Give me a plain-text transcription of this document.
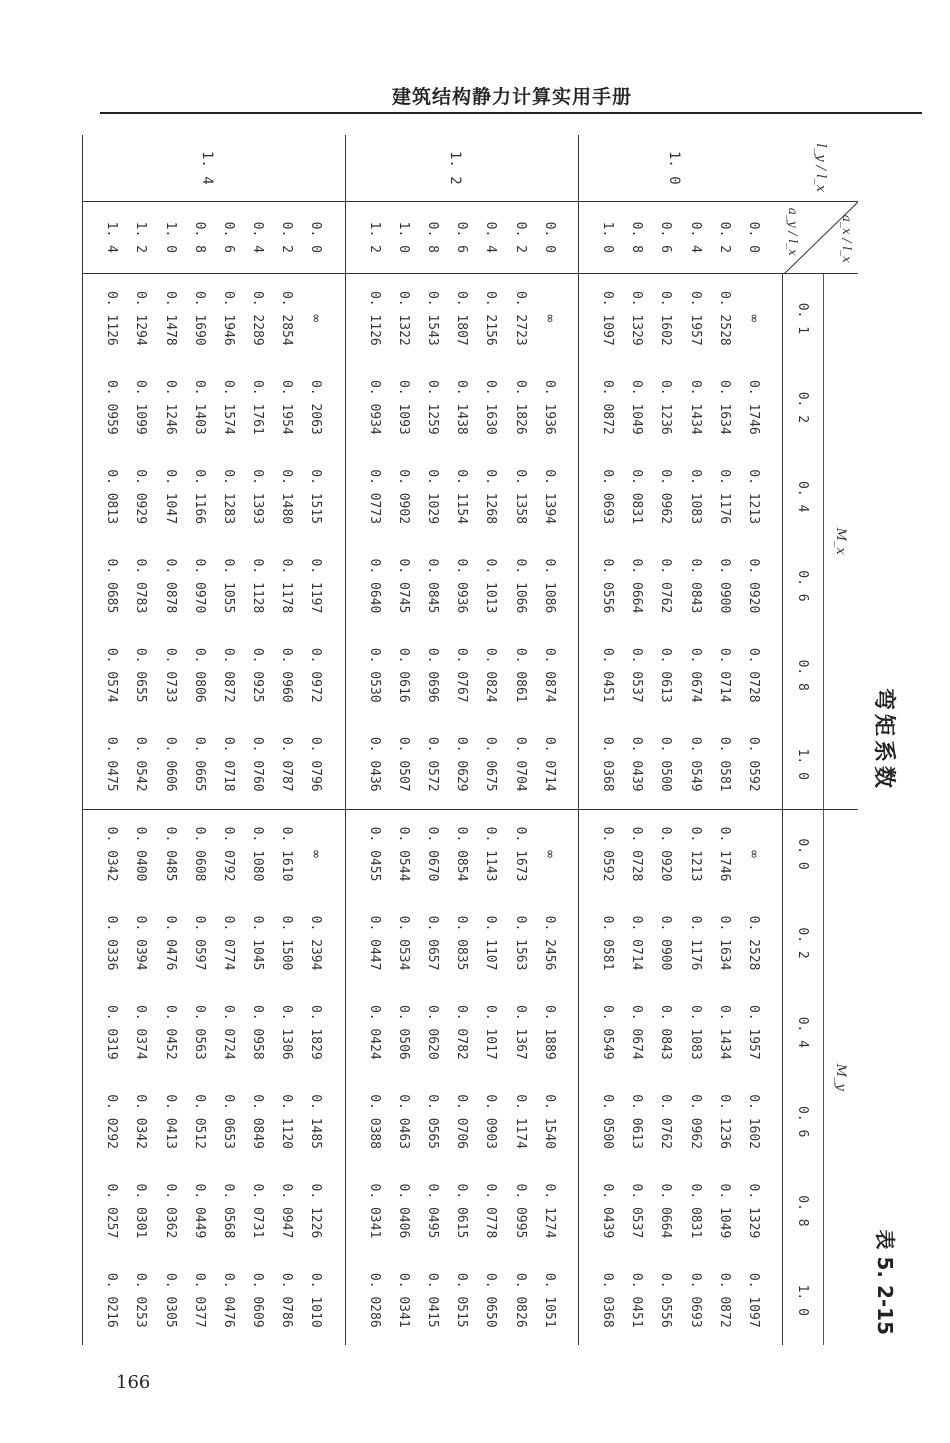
建筑结构静力计算实用手册
弯矩系数
表 5. 2-15
l_y / l_x	a_x / l_x
a_y / l_x	M_x						M_y					
		0. 1	0. 2	0. 4	0. 6	0. 8	1. 0	0. 0	0. 2	0. 4	0. 6	0. 8	1. 0
1. 0	0. 0	∞	0. 1746	0. 1213	0. 0920	0. 0728	0. 0592	∞	0. 2528	0. 1957	0. 1602	0. 1329	0. 1097
	0. 2	0. 2528	0. 1634	0. 1176	0. 0900	0. 0714	0. 0581	0. 1746	0. 1634	0. 1434	0. 1236	0. 1049	0. 0872
	0. 4	0. 1957	0. 1434	0. 1083	0. 0843	0. 0674	0. 0549	0. 1213	0. 1176	0. 1083	0. 0962	0. 0831	0. 0693
	0. 6	0. 1602	0. 1236	0. 0962	0. 0762	0. 0613	0. 0500	0. 0920	0. 0900	0. 0843	0. 0762	0. 0664	0. 0556
	0. 8	0. 1329	0. 1049	0. 0831	0. 0664	0. 0537	0. 0439	0. 0728	0. 0714	0. 0674	0. 0613	0. 0537	0. 0451
	1. 0	0. 1097	0. 0872	0. 0693	0. 0556	0. 0451	0. 0368	0. 0592	0. 0581	0. 0549	0. 0500	0. 0439	0. 0368
1. 2	0. 0	∞	0. 1936	0. 1394	0. 1086	0. 0874	0. 0714	∞	0. 2456	0. 1889	0. 1540	0. 1274	0. 1051
	0. 2	0. 2723	0. 1826	0. 1358	0. 1066	0. 0861	0. 0704	0. 1673	0. 1563	0. 1367	0. 1174	0. 0995	0. 0826
	0. 4	0. 2156	0. 1630	0. 1268	0. 1013	0. 0824	0. 0675	0. 1143	0. 1107	0. 1017	0. 0903	0. 0778	0. 0650
	0. 6	0. 1807	0. 1438	0. 1154	0. 0936	0. 0767	0. 0629	0. 0854	0. 0835	0. 0782	0. 0706	0. 0615	0. 0515
	0. 8	0. 1543	0. 1259	0. 1029	0. 0845	0. 0696	0. 0572	0. 0670	0. 0657	0. 0620	0. 0565	0. 0495	0. 0415
	1. 0	0. 1322	0. 1093	0. 0902	0. 0745	0. 0616	0. 0507	0. 0544	0. 0534	0. 0506	0. 0463	0. 0406	0. 0341
	1. 2	0. 1126	0. 0934	0. 0773	0. 0640	0. 0530	0. 0436	0. 0455	0. 0447	0. 0424	0. 0388	0. 0341	0. 0286
1. 4	0. 0	∞	0. 2063	0. 1515	0. 1197	0. 0972	0. 0796	∞	0. 2394	0. 1829	0. 1485	0. 1226	0. 1010
	0. 2	0. 2854	0. 1954	0. 1480	0. 1178	0. 0960	0. 0787	0. 1610	0. 1500	0. 1306	0. 1120	0. 0947	0. 0786
	0. 4	0. 2289	0. 1761	0. 1393	0. 1128	0. 0925	0. 0760	0. 1080	0. 1045	0. 0958	0. 0849	0. 0731	0. 0609
	0. 6	0. 1946	0. 1574	0. 1283	0. 1055	0. 0872	0. 0718	0. 0792	0. 0774	0. 0724	0. 0653	0. 0568	0. 0476
	0. 8	0. 1690	0. 1403	0. 1166	0. 0970	0. 0806	0. 0665	0. 0608	0. 0597	0. 0563	0. 0512	0. 0449	0. 0377
	1. 0	0. 1478	0. 1246	0. 1047	0. 0878	0. 0733	0. 0606	0. 0485	0. 0476	0. 0452	0. 0413	0. 0362	0. 0305
	1. 2	0. 1294	0. 1099	0. 0929	0. 0783	0. 0655	0. 0542	0. 0400	0. 0394	0. 0374	0. 0342	0. 0301	0. 0253
	1. 4	0. 1126	0. 0959	0. 0813	0. 0685	0. 0574	0. 0475	0. 0342	0. 0336	0. 0319	0. 0292	0. 0257	0. 0216
166
